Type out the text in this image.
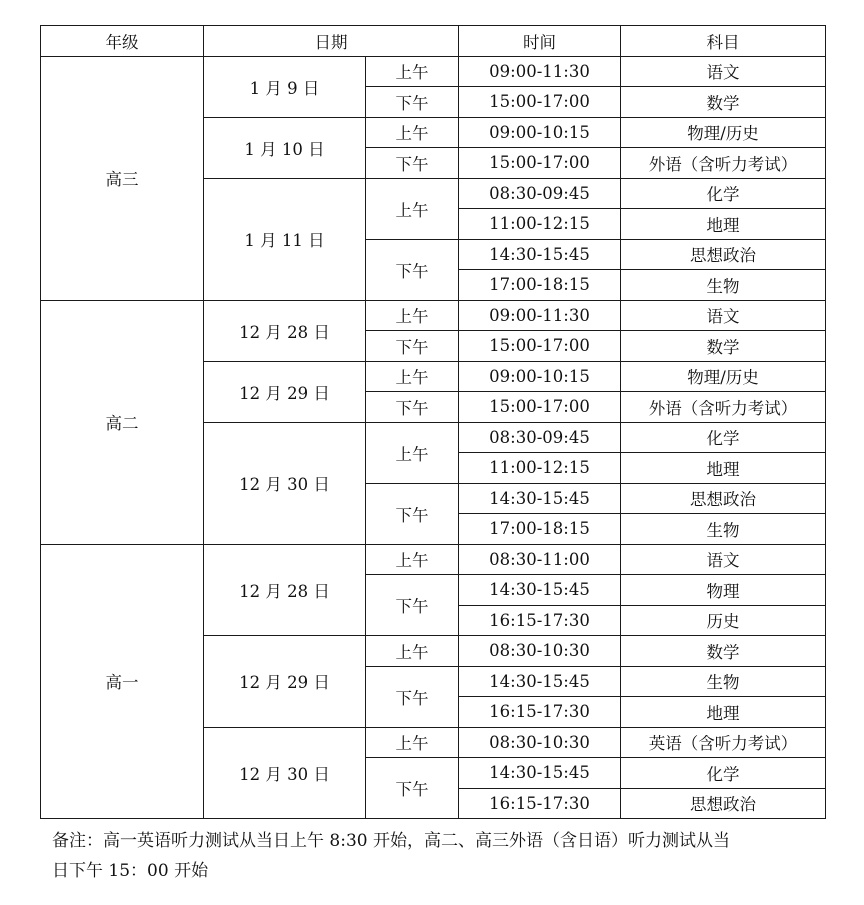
年级	日期		时间	科目
高三	1 月 9 日	上午	09:00-11:30	语文
		下午	15:00-17:00	数学
	1 月 10 日	上午	09:00-10:15	物理/历史
		下午	15:00-17:00	外语（含听力考试）
	1 月 11 日	上午	08:30-09:45	化学
			11:00-12:15	地理
		下午	14:30-15:45	思想政治
			17:00-18:15	生物
高二	12 月 28 日	上午	09:00-11:30	语文
		下午	15:00-17:00	数学
	12 月 29 日	上午	09:00-10:15	物理/历史
		下午	15:00-17:00	外语（含听力考试）
	12 月 30 日	上午	08:30-09:45	化学
			11:00-12:15	地理
		下午	14:30-15:45	思想政治
			17:00-18:15	生物
高一	12 月 28 日	上午	08:30-11:00	语文
		下午	14:30-15:45	物理
			16:15-17:30	历史
	12 月 29 日	上午	08:30-10:30	数学
		下午	14:30-15:45	生物
			16:15-17:30	地理
	12 月 30 日	上午	08:30-10:30	英语（含听力考试）
		下午	14:30-15:45	化学
			16:15-17:30	思想政治

备注：高一英语听力测试从当日上午 8:30 开始，高二、高三外语（含日语）听力测试从当

日下午 15：00 开始
